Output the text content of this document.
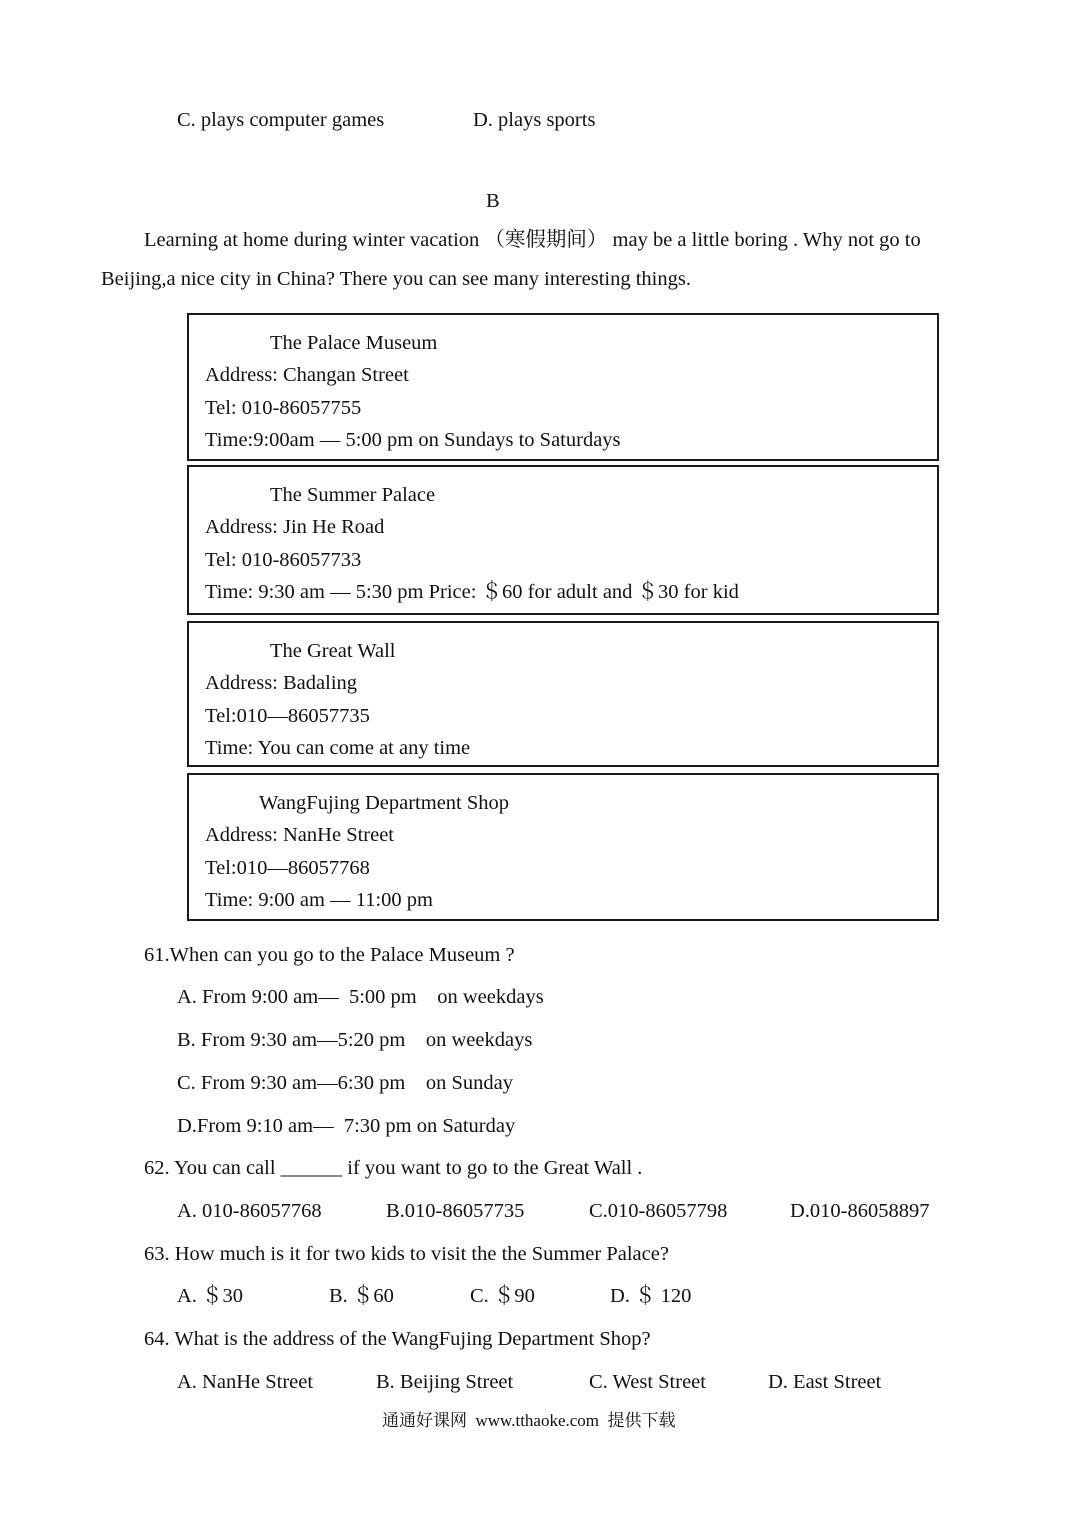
C. plays computer games	D. plays sports
B
Learning at home during winter vacation （寒假期间） may be a little boring . Why not go to
Beijing,a nice city in China? There you can see many interesting things.
The Palace Museum
Address: Changan Street
Tel: 010-86057755
Time:9:00am — 5:00 pm on Sundays to Saturdays
The Summer Palace
Address: Jin He Road
Tel: 010-86057733
Time: 9:30 am — 5:30 pm Price: ＄60 for adult and ＄30 for kid
The Great Wall
Address: Badaling
Tel:010—86057735
Time: You can come at any time
WangFujing Department Shop
Address: NanHe Street
Tel:010—86057768
Time: 9:00 am — 11:00 pm
61.When can you go to the Palace Museum ?
A. From 9:00 am—  5:00 pm    on weekdays
B. From 9:30 am—5:20 pm    on weekdays
C. From 9:30 am—6:30 pm    on Sunday
D.From 9:10 am—  7:30 pm on Saturday
62. You can call ______ if you want to go to the Great Wall .
A. 010-86057768	B.010-86057735	C.010-86057798	D.010-86058897
63. How much is it for two kids to visit the the Summer Palace?
A. ＄30	B. ＄60	C. ＄90	D. ＄ 120
64. What is the address of the WangFujing Department Shop?
A. NanHe Street	B. Beijing Street	C. West Street	D. East Street
通通好课网  www.tthaoke.com  提供下载
